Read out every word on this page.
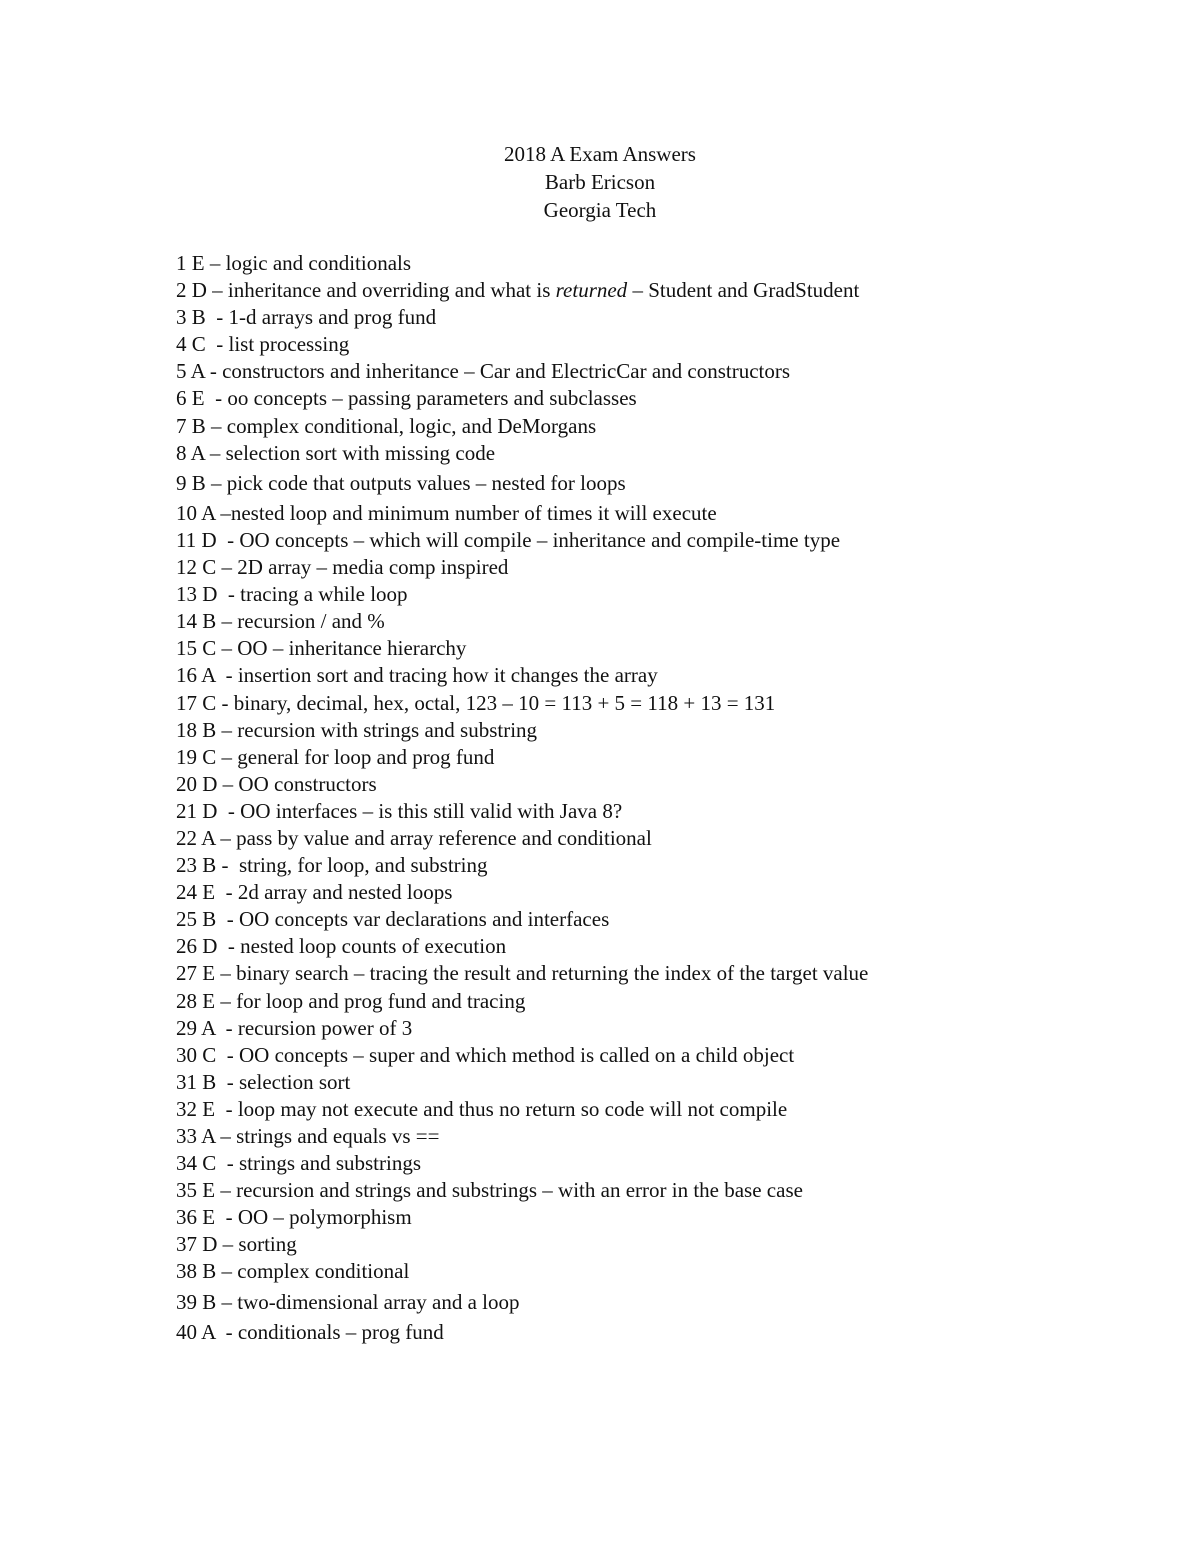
2018 A Exam Answers
Barb Ericson
Georgia Tech
1 E – logic and conditionals
2 D – inheritance and overriding and what is returned – Student and GradStudent
3 B  - 1-d arrays and prog fund
4 C  - list processing
5 A - constructors and inheritance – Car and ElectricCar and constructors
6 E  - oo concepts – passing parameters and subclasses
7 B – complex conditional, logic, and DeMorgans
8 A – selection sort with missing code
9 B – pick code that outputs values – nested for loops
10 A –nested loop and minimum number of times it will execute
11 D  - OO concepts – which will compile – inheritance and compile-time type
12 C – 2D array – media comp inspired
13 D  - tracing a while loop
14 B – recursion / and %
15 C – OO – inheritance hierarchy
16 A  - insertion sort and tracing how it changes the array
17 C - binary, decimal, hex, octal, 123 – 10 = 113 + 5 = 118 + 13 = 131
18 B – recursion with strings and substring
19 C – general for loop and prog fund
20 D – OO constructors
21 D  - OO interfaces – is this still valid with Java 8?
22 A – pass by value and array reference and conditional
23 B -  string, for loop, and substring
24 E  - 2d array and nested loops
25 B  - OO concepts var declarations and interfaces
26 D  - nested loop counts of execution
27 E – binary search – tracing the result and returning the index of the target value
28 E – for loop and prog fund and tracing
29 A  - recursion power of 3
30 C  - OO concepts – super and which method is called on a child object
31 B  - selection sort
32 E  - loop may not execute and thus no return so code will not compile
33 A – strings and equals vs ==
34 C  - strings and substrings
35 E – recursion and strings and substrings – with an error in the base case
36 E  - OO – polymorphism
37 D – sorting
38 B – complex conditional
39 B – two-dimensional array and a loop
40 A  - conditionals – prog fund
